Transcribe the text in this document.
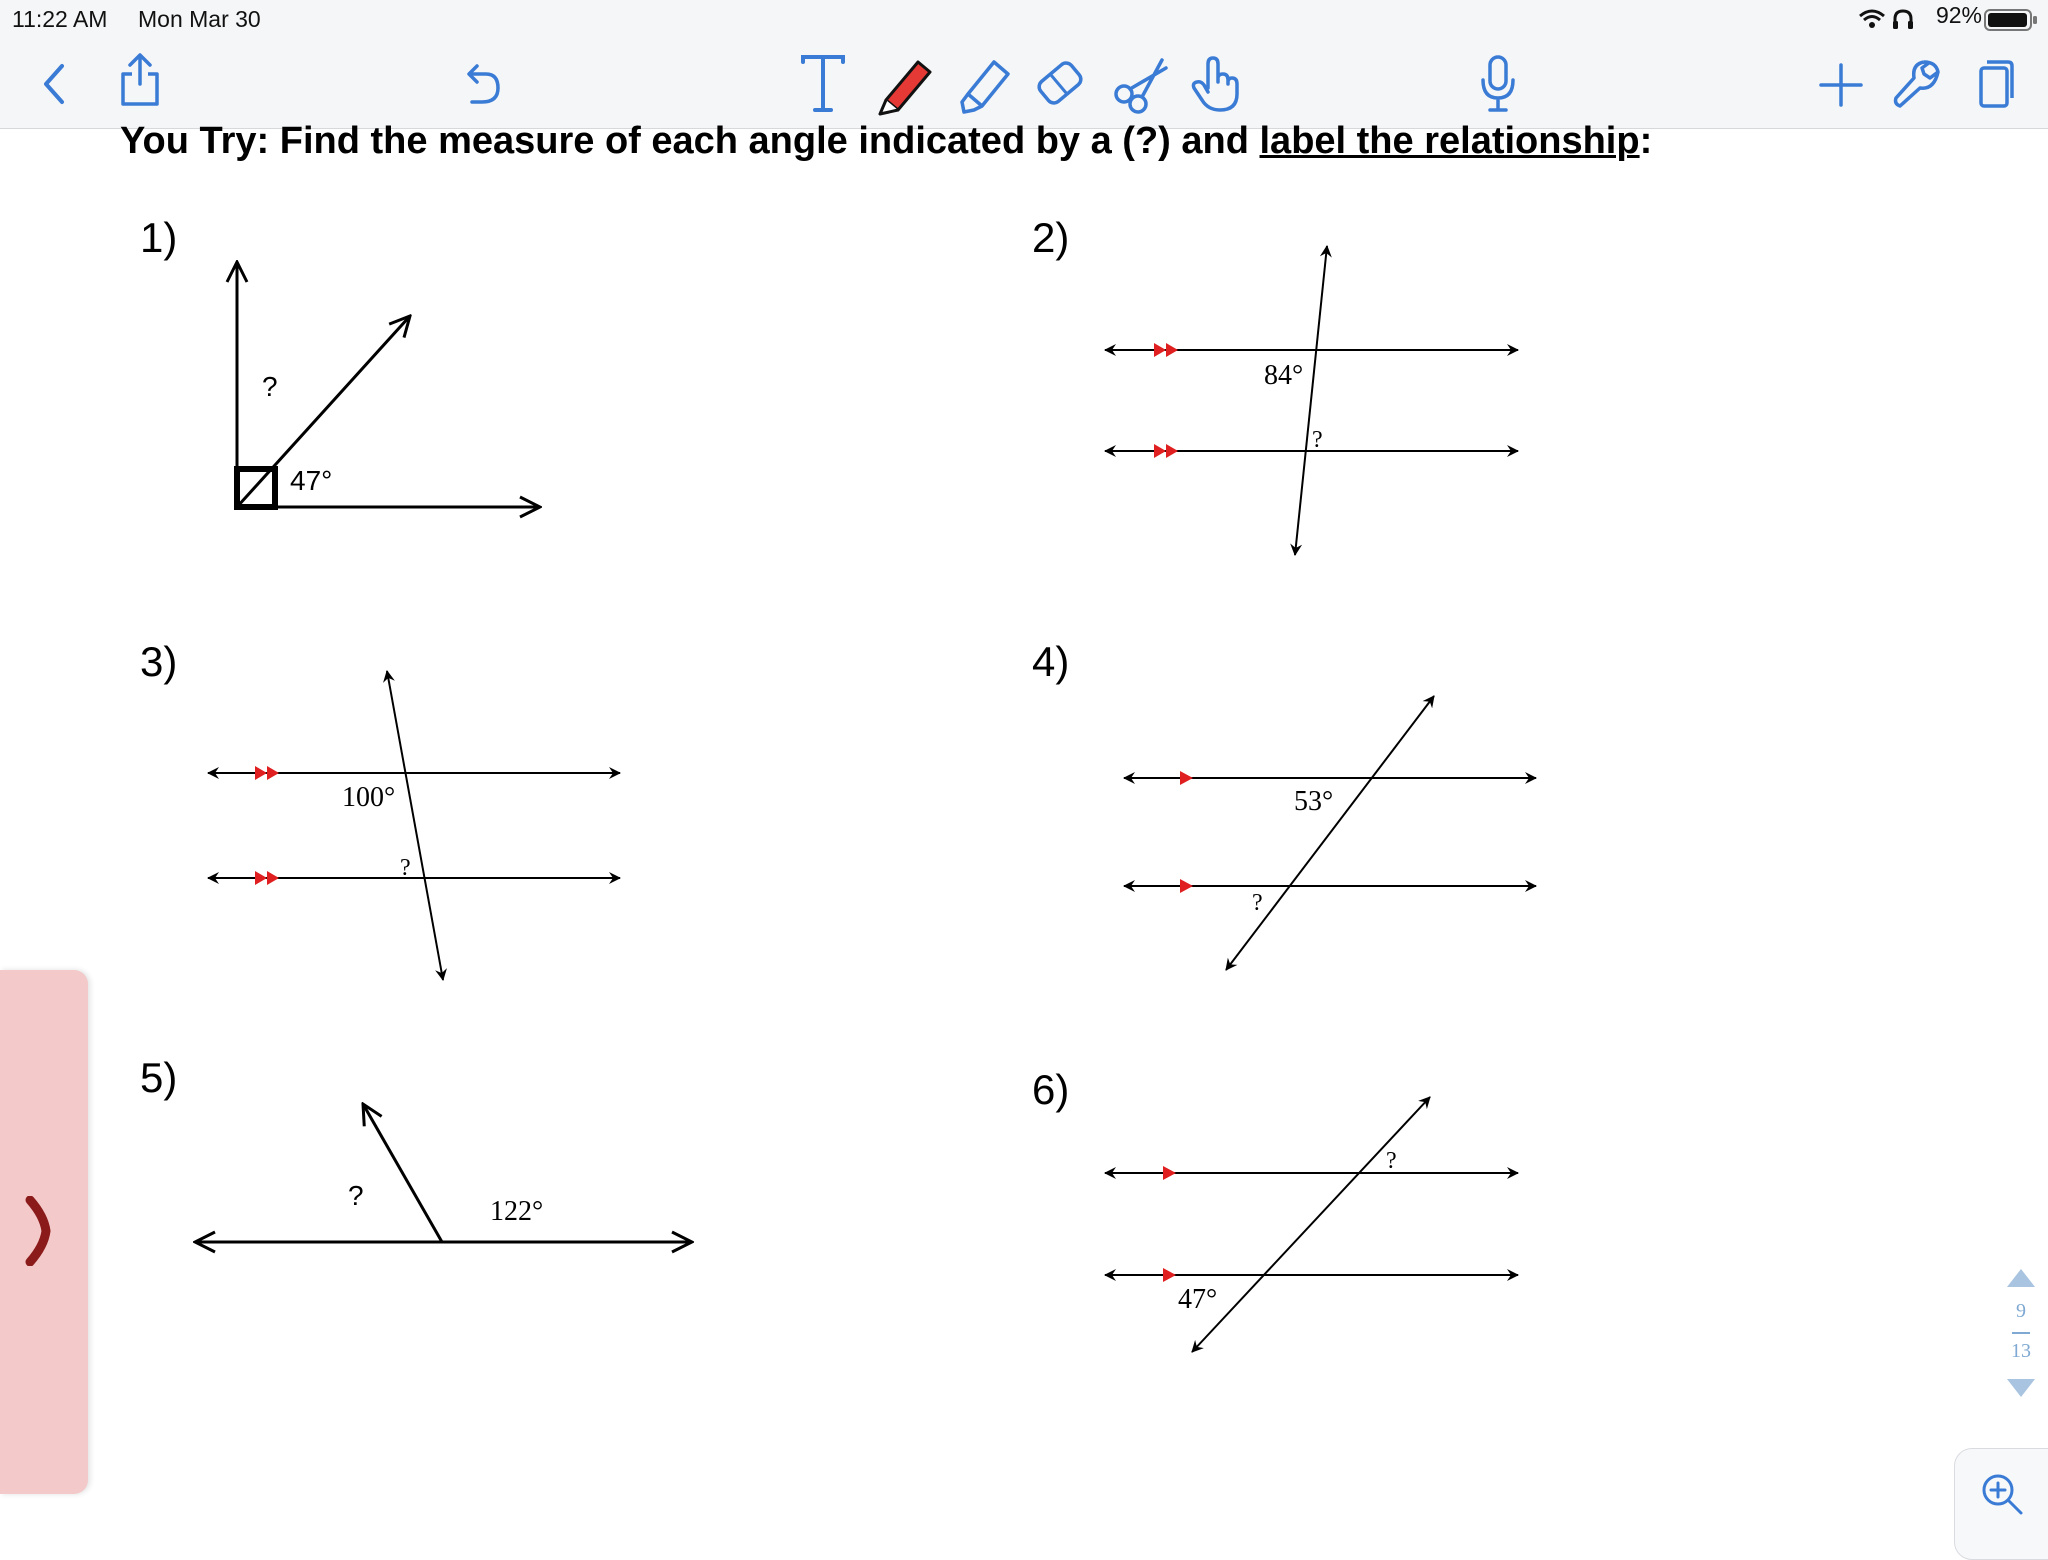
11:22 AM Mon Mar 30	92%
You Try: Find the measure of each angle indicated by a (?) and label the relationship:
1)	2)
3)	4)
5)	6)
?
47°
84°
?
100°
?
53°
?
?
122°
?
47°	9
13
